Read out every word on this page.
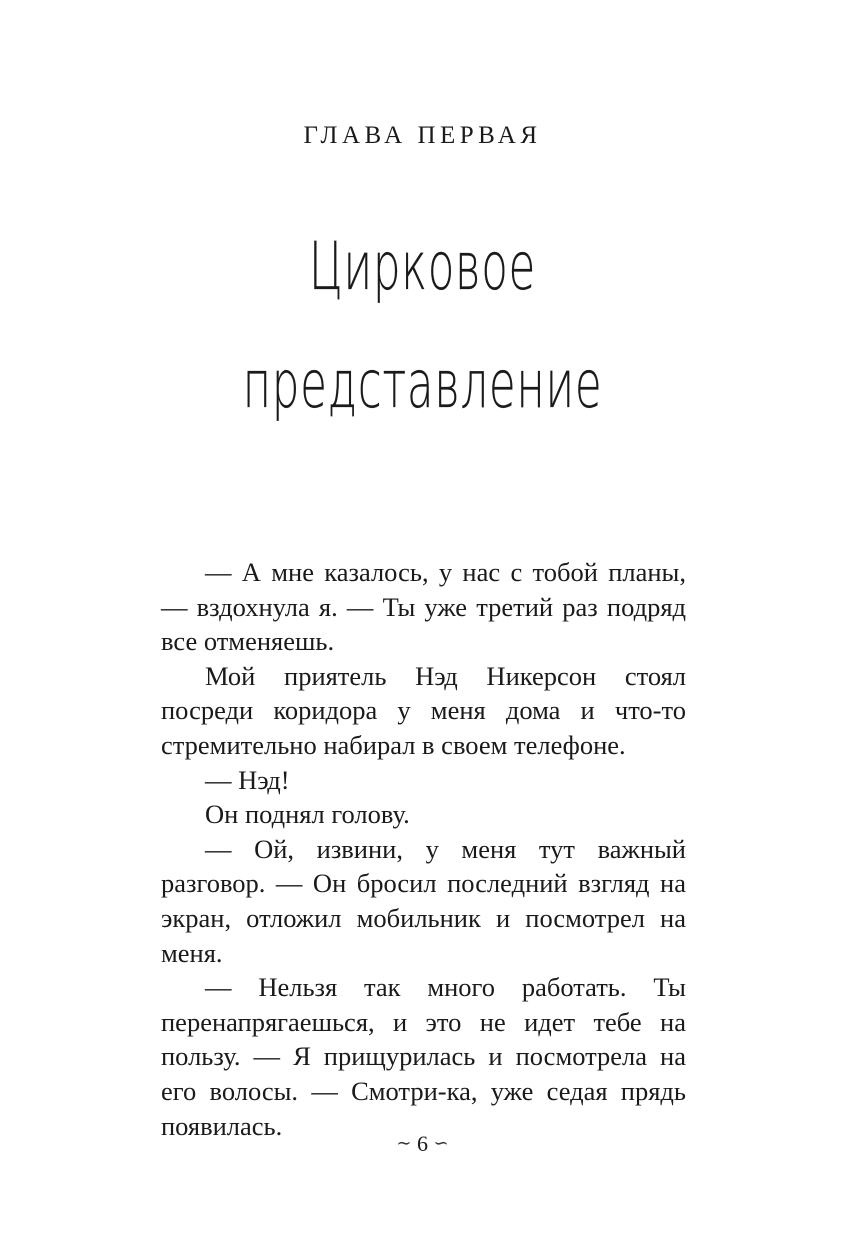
ГЛАВА ПЕРВАЯ
Цирковое
представление

— А мне казалось, у нас с тобой планы, — вздохнула я. — Ты уже третий раз подряд все отменяешь.

Мой приятель Нэд Никерсон стоял посреди коридора у меня дома и что-то стремительно набирал в своем телефоне.

— Нэд!

Он поднял голову.

— Ой, извини, у меня тут важный разговор. — Он бросил последний взгляд на экран, отложил мобильник и посмотрел на меня.

— Нельзя так много работать. Ты перенапрягаешься, и это не идет тебе на пользу. — Я прищурилась и посмотрела на его волосы. — Смотри-ка, уже седая прядь появилась.

∼ 6 ∽
